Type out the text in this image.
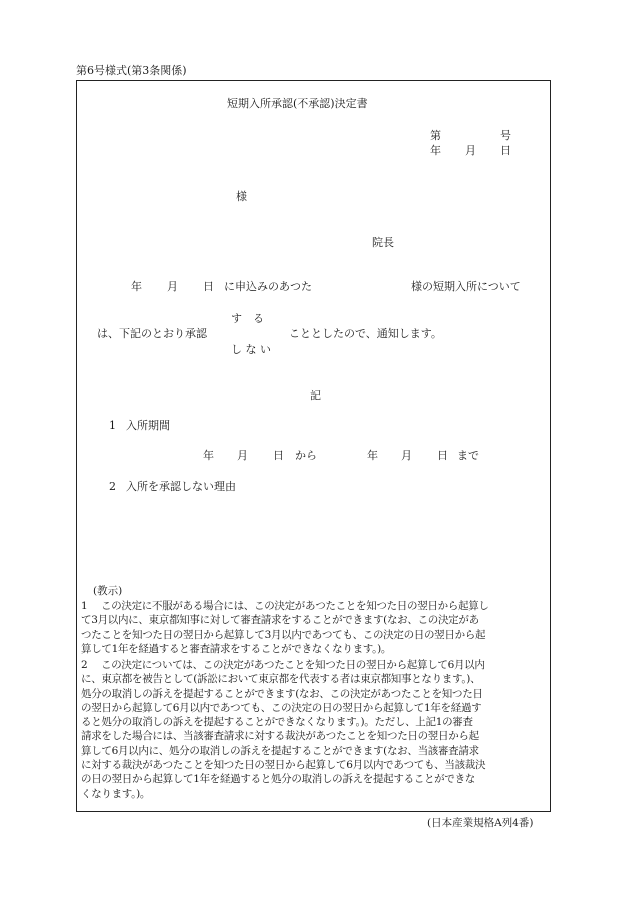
第6号様式(第3条関係)
短期入所承認(不承認)決定書
第	号
年 月 日
様
院長
年 月 日 に申込みのあつた	様の短期入所について
す　る
は、下記のとおり承認
し な い
こととしたので、通知します。
記
1 入所期間
年 月 日 から	年 月 日 まで
2 入所を承認しない理由
(教示)
1	この決定に不服がある場合には、この決定があつたことを知つた日の翌日から起算し
て3月以内に、東京都知事に対して審査請求をすることができます(なお、この決定があ
つたことを知つた日の翌日から起算して3月以内であつても、この決定の日の翌日から起
算して1年を経過すると審査請求をすることができなくなります。)。
2	この決定については、この決定があつたことを知つた日の翌日から起算して6月以内
に、東京都を被告として(訴訟において東京都を代表する者は東京都知事となります。)、
処分の取消しの訴えを提起することができます(なお、この決定があつたことを知つた日
の翌日から起算して6月以内であつても、この決定の日の翌日から起算して1年を経過す
ると処分の取消しの訴えを提起することができなくなります。)。ただし、上記1の審査
請求をした場合には、当該審査請求に対する裁決があつたことを知つた日の翌日から起
算して6月以内に、処分の取消しの訴えを提起することができます(なお、当該審査請求
に対する裁決があつたことを知つた日の翌日から起算して6月以内であつても、当該裁決
の日の翌日から起算して1年を経過すると処分の取消しの訴えを提起することができな
くなります。)。
(日本産業規格A列4番)
